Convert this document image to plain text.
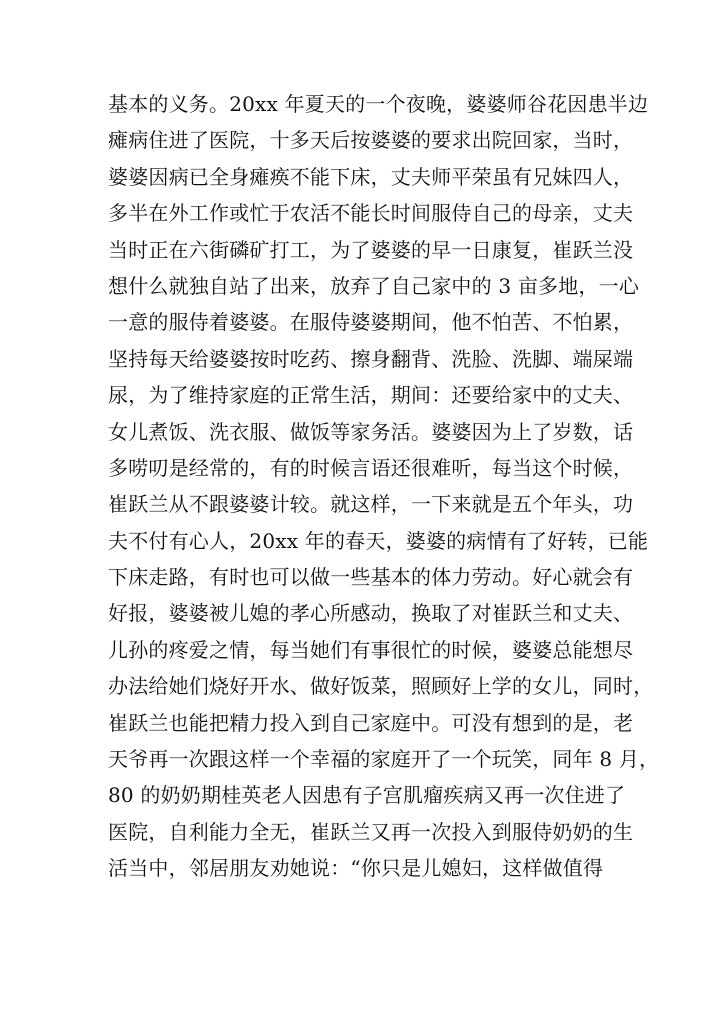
基本的义务。20xx 年夏天的一个夜晚，婆婆师谷花因患半边
瘫病住进了医院，十多天后按婆婆的要求出院回家，当时，
婆婆因病已全身瘫痪不能下床，丈夫师平荣虽有兄妹四人，
多半在外工作或忙于农活不能长时间服侍自己的母亲，丈夫
当时正在六街磷矿打工，为了婆婆的早一日康复，崔跃兰没
想什么就独自站了出来，放弃了自己家中的 3 亩多地，一心
一意的服侍着婆婆。在服侍婆婆期间，他不怕苦、不怕累，
坚持每天给婆婆按时吃药、擦身翻背、洗脸、洗脚、端屎端
尿，为了维持家庭的正常生活，期间：还要给家中的丈夫、
女儿煮饭、洗衣服、做饭等家务活。婆婆因为上了岁数，话
多唠叨是经常的，有的时候言语还很难听，每当这个时候，
崔跃兰从不跟婆婆计较。就这样，一下来就是五个年头，功
夫不付有心人，20xx 年的春天，婆婆的病情有了好转，已能
下床走路，有时也可以做一些基本的体力劳动。好心就会有
好报，婆婆被儿媳的孝心所感动，换取了对崔跃兰和丈夫、
儿孙的疼爱之情，每当她们有事很忙的时候，婆婆总能想尽
办法给她们烧好开水、做好饭菜，照顾好上学的女儿，同时，
崔跃兰也能把精力投入到自己家庭中。可没有想到的是，老
天爷再一次跟这样一个幸福的家庭开了一个玩笑，同年 8 月，
80 的奶奶期桂英老人因患有子宫肌瘤疾病又再一次住进了
医院，自利能力全无，崔跃兰又再一次投入到服侍奶奶的生
活当中，邻居朋友劝她说：“你只是儿媳妇，这样做值得
